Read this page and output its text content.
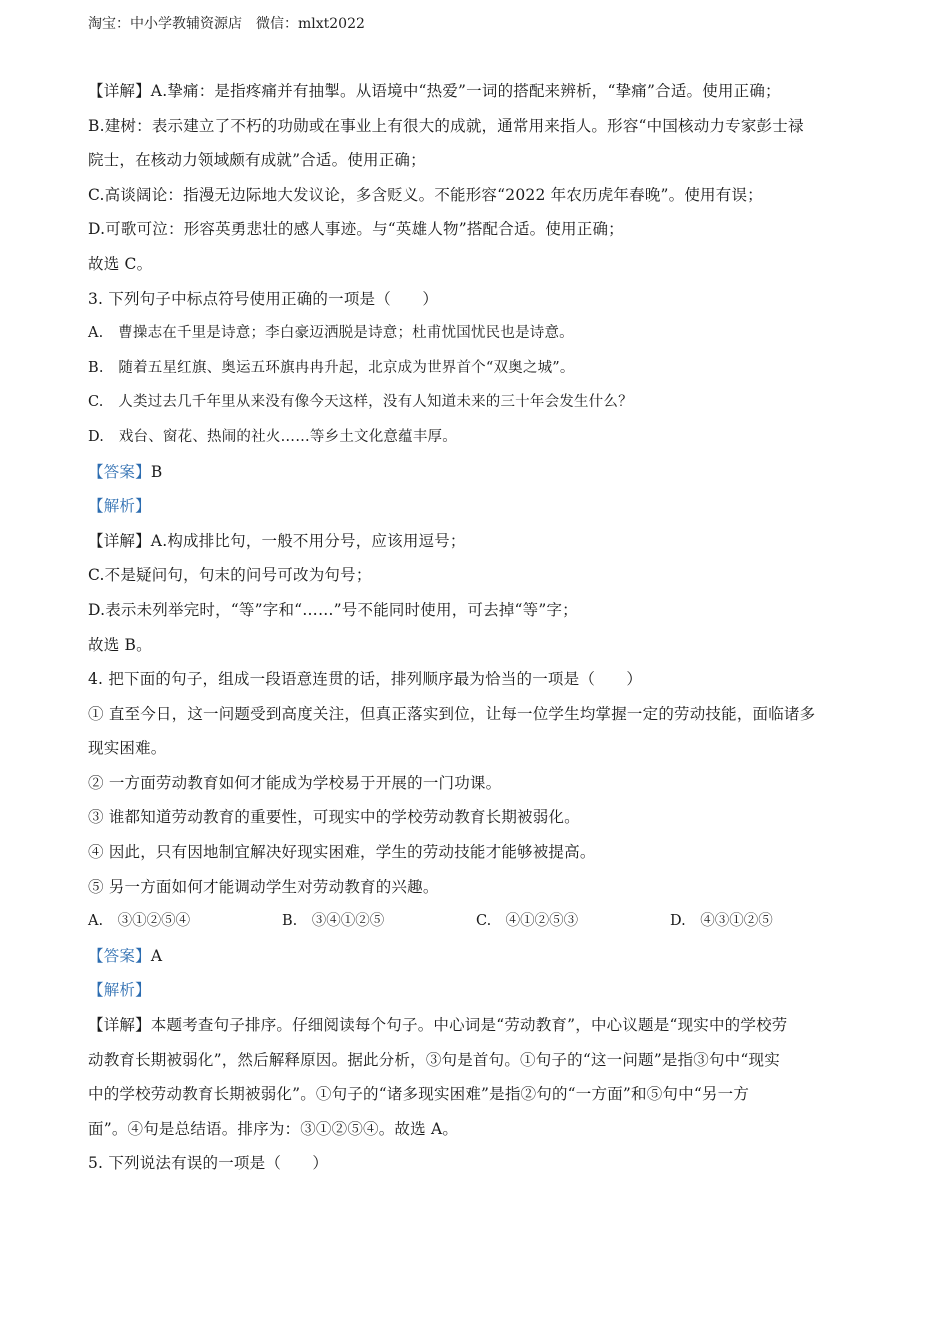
淘宝：中小学教辅资源店　微信：mlxt2022
【详解】A.挚痛：是指疼痛并有抽掣。从语境中“热爱”一词的搭配来辨析，“挚痛”合适。使用正确；
B.建树：表示建立了不朽的功勋或在事业上有很大的成就，通常用来指人。形容“中国核动力专家彭士禄
院士，在核动力领域颇有成就”合适。使用正确；
C.高谈阔论：指漫无边际地大发议论，多含贬义。不能形容“2022 年农历虎年春晚”。使用有误；
D.可歌可泣：形容英勇悲壮的感人事迹。与“英雄人物”搭配合适。使用正确；
故选 C。
3. 下列句子中标点符号使用正确的一项是（　　）
A.　曹操志在千里是诗意；李白豪迈洒脱是诗意；杜甫忧国忧民也是诗意。
B.　随着五星红旗、奥运五环旗冉冉升起，北京成为世界首个“双奥之城”。
C.　人类过去几千年里从来没有像今天这样，没有人知道未来的三十年会发生什么？
D.　戏台、窗花、热闹的社火……等乡土文化意蕴丰厚。
【答案】B
【解析】
【详解】A.构成排比句，一般不用分号，应该用逗号；
C.不是疑问句，句末的问号可改为句号；
D.表示未列举完时，“等”字和“……”号不能同时使用，可去掉“等”字；
故选 B。
4. 把下面的句子，组成一段语意连贯的话，排列顺序最为恰当的一项是（　　）
① 直至今日，这一问题受到高度关注，但真正落实到位，让每一位学生均掌握一定的劳动技能，面临诸多
现实困难。
② 一方面劳动教育如何才能成为学校易于开展的一门功课。
③ 谁都知道劳动教育的重要性，可现实中的学校劳动教育长期被弱化。
④ 因此，只有因地制宜解决好现实困难，学生的劳动技能才能够被提高。
⑤ 另一方面如何才能调动学生对劳动教育的兴趣。
A.　③①②⑤④	B.　③④①②⑤	C.　④①②⑤③	D.　④③①②⑤
【答案】A
【解析】
【详解】本题考查句子排序。仔细阅读每个句子。中心词是“劳动教育”，中心议题是“现实中的学校劳
动教育长期被弱化”，然后解释原因。据此分析，③句是首句。①句子的“这一问题”是指③句中“现实
中的学校劳动教育长期被弱化”。①句子的“诸多现实困难”是指②句的“一方面”和⑤句中“另一方
面”。④句是总结语。排序为：③①②⑤④。故选 A。
5. 下列说法有误的一项是（　　）
